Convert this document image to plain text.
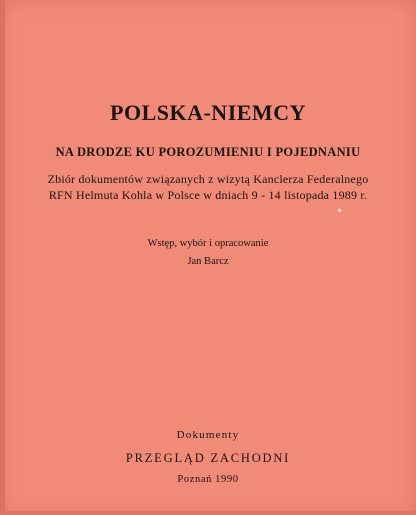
POLSKA-NIEMCY
NA DRODZE KU POROZUMIENIU I POJEDNANIU
Zbiór dokumentów związanych z wizytą Kanclerza Federalnego
RFN Helmuta Kohla w Polsce w dniach 9 - 14 listopada 1989 r.
Wstęp, wybór i opracowanie
Jan Barcz
Dokumenty
PRZEGLĄD ZACHODNI
Poznań 1990
